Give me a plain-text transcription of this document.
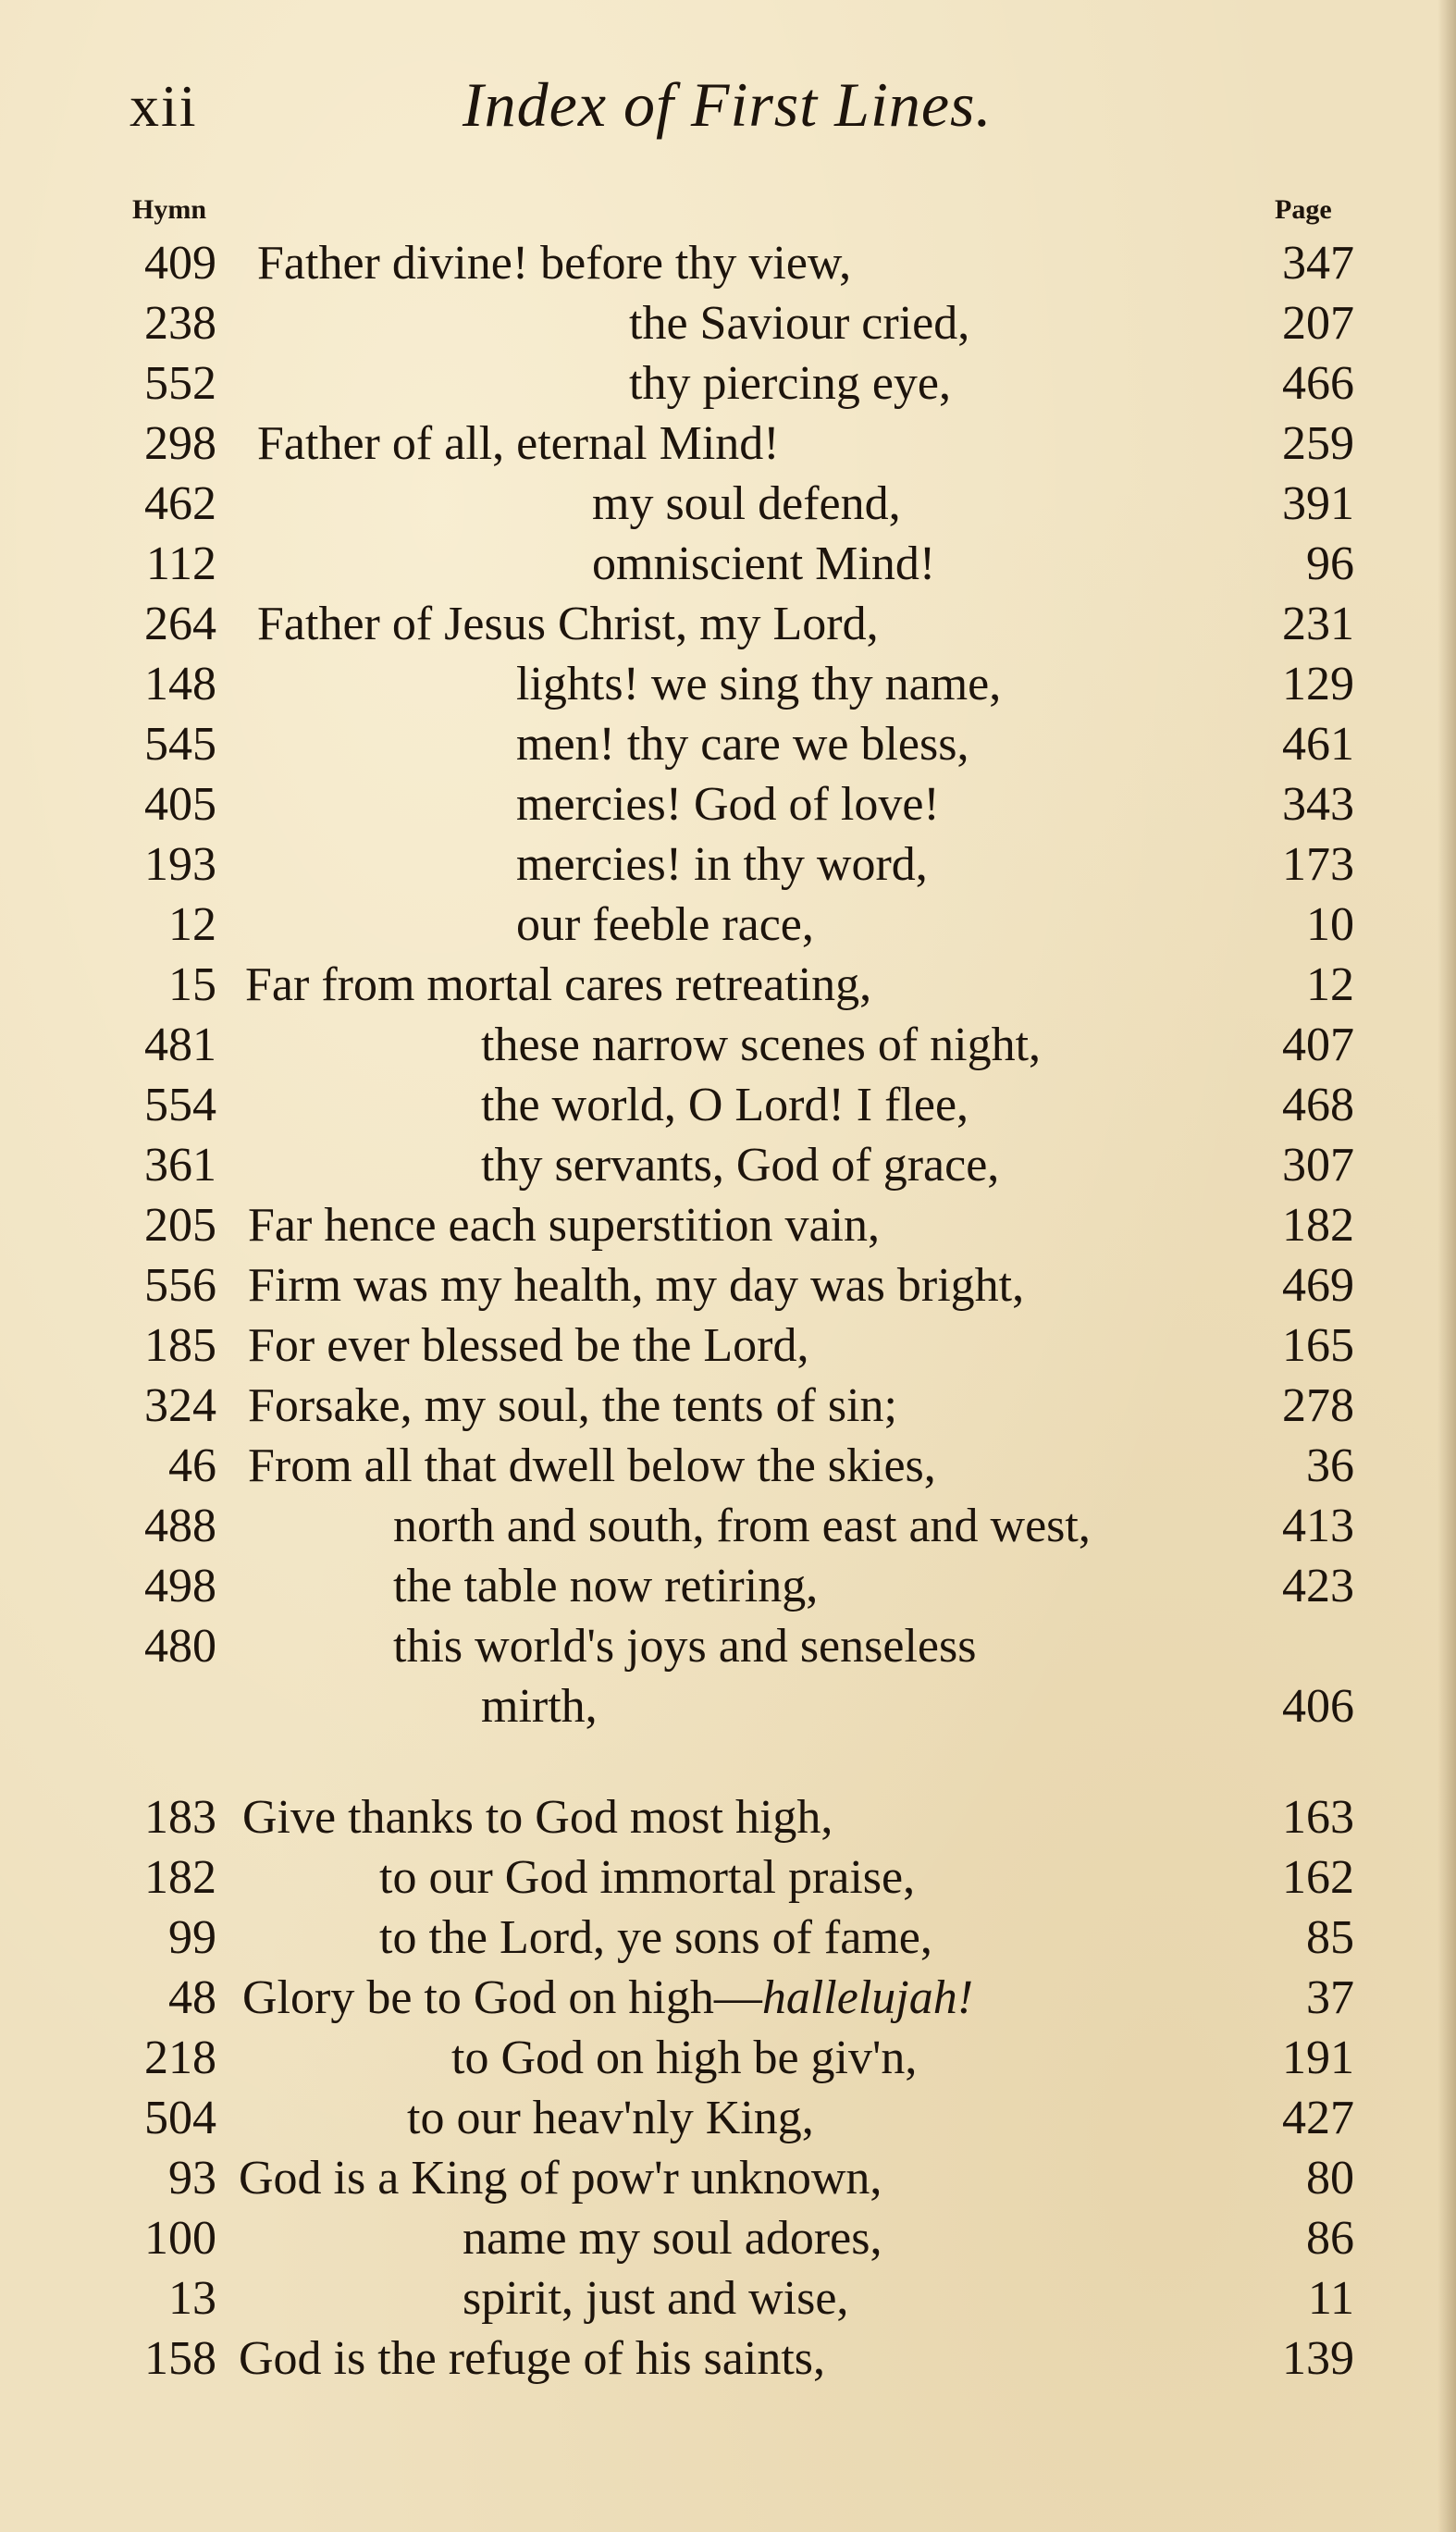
xii	Index of First Lines.
Hymn	Page
409 Father divine! before thy view,	347
238	the Saviour cried,	207
552	thy piercing eye,	466
298 Father of all, eternal Mind!	259
462	my soul defend,	391
112	omniscient Mind!	96
264 Father of Jesus Christ, my Lord,	231
148	lights! we sing thy name,	129
545	men! thy care we bless,	461
405	mercies! God of love!	343
193	mercies! in thy word,	173
12	our feeble race,	10
15 Far from mortal cares retreating,	12
481	these narrow scenes of night,	407
554	the world, O Lord! I flee,	468
361	thy servants, God of grace,	307
205 Far hence each superstition vain,	182
556 Firm was my health, my day was bright,	469
185 For ever blessed be the Lord,	165
324 Forsake, my soul, the tents of sin;	278
46 From all that dwell below the skies,	36
488	north and south, from east and west,	413
498	the table now retiring,	423
480	this world's joys and senseless
mirth,	406
183 Give thanks to God most high,	163
182	to our God immortal praise,	162
99	to the Lord, ye sons of fame,	85
48 Glory be to God on high—hallelujah!	37
218	to God on high be giv'n,	191
504	to our heav'nly King,	427
93 God is a King of pow'r unknown,	80
100	name my soul adores,	86
13	spirit, just and wise,	11
158 God is the refuge of his saints,	139
